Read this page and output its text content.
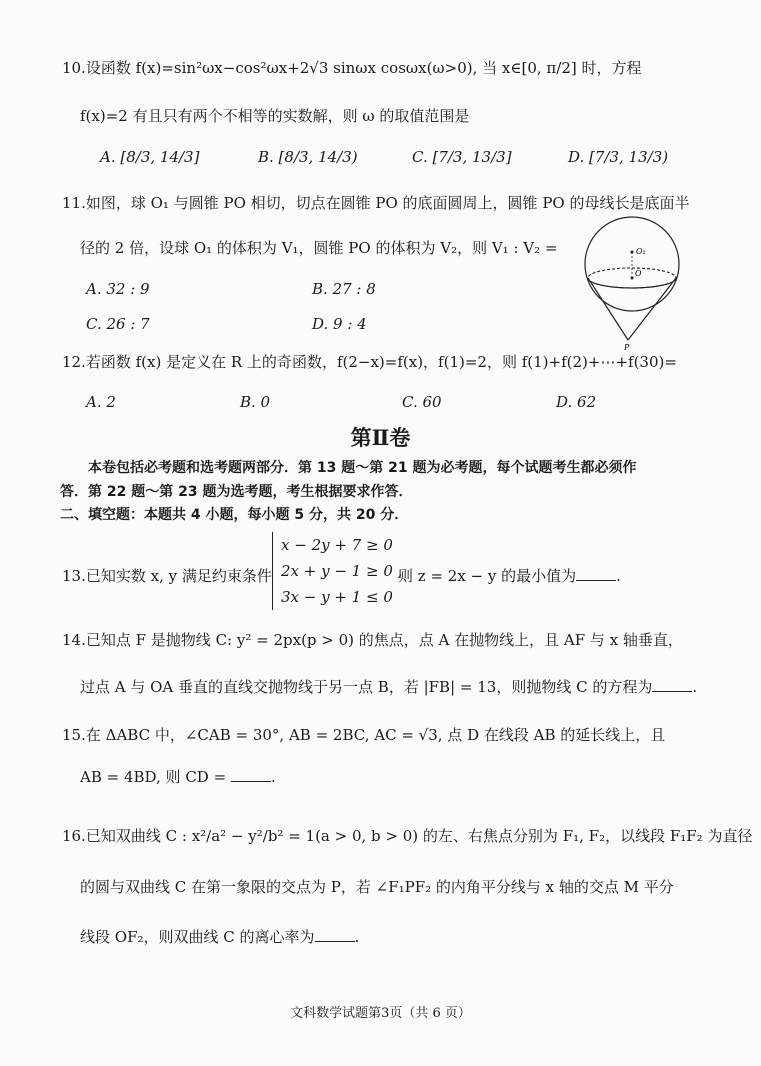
10.设函数 f(x)=sin²ωx−cos²ωx+2√3 sinωx cosωx(ω>0), 当 x∈[0, π/2] 时，方程
f(x)=2 有且只有两个不相等的实数解，则 ω 的取值范围是
A. [8/3, 14/3]	B. [8/3, 14/3)	C. [7/3, 13/3]	D. [7/3, 13/3)
11.如图，球 O₁ 与圆锥 PO 相切，切点在圆锥 PO 的底面圆周上，圆锥 PO 的母线长是底面半
径的 2 倍，设球 O₁ 的体积为 V₁，圆锥 PO 的体积为 V₂，则 V₁ : V₂ =
A. 32 : 9	B. 27 : 8
C. 26 : 7	D. 9 : 4
O₁
O
P
12.若函数 f(x) 是定义在 R 上的奇函数，f(2−x)=f(x)，f(1)=2，则 f(1)+f(2)+⋯+f(30)=
A. 2	B. 0	C. 60	D. 62
第Ⅱ卷
本卷包括必考题和选考题两部分．第 13 题～第 21 题为必考题，每个试题考生都必须作
答．第 22 题～第 23 题为选考题，考生根据要求作答．
二、填空题：本题共 4 小题，每小题 5 分，共 20 分．
13.已知实数 x, y 满足约束条件
x − 2y + 7 ≥ 0
2x + y − 1 ≥ 0 ,
3x − y + 1 ≤ 0
则 z = 2x − y 的最小值为	.
14.已知点 F 是抛物线 C: y² = 2px(p > 0) 的焦点，点 A 在抛物线上，且 AF 与 x 轴垂直，
过点 A 与 OA 垂直的直线交抛物线于另一点 B，若 |FB| = 13，则抛物线 C 的方程为	.
15.在 ΔABC 中，∠CAB = 30°, AB = 2BC, AC = √3, 点 D 在线段 AB 的延长线上，且
AB = 4BD, 则 CD =	.
16.已知双曲线 C : x²/a² − y²/b² = 1(a > 0, b > 0) 的左、右焦点分别为 F₁, F₂，以线段 F₁F₂ 为直径
的圆与双曲线 C 在第一象限的交点为 P，若 ∠F₁PF₂ 的内角平分线与 x 轴的交点 M 平分
线段 OF₂，则双曲线 C 的离心率为	.
文科数学试题第3页（共 6 页）
